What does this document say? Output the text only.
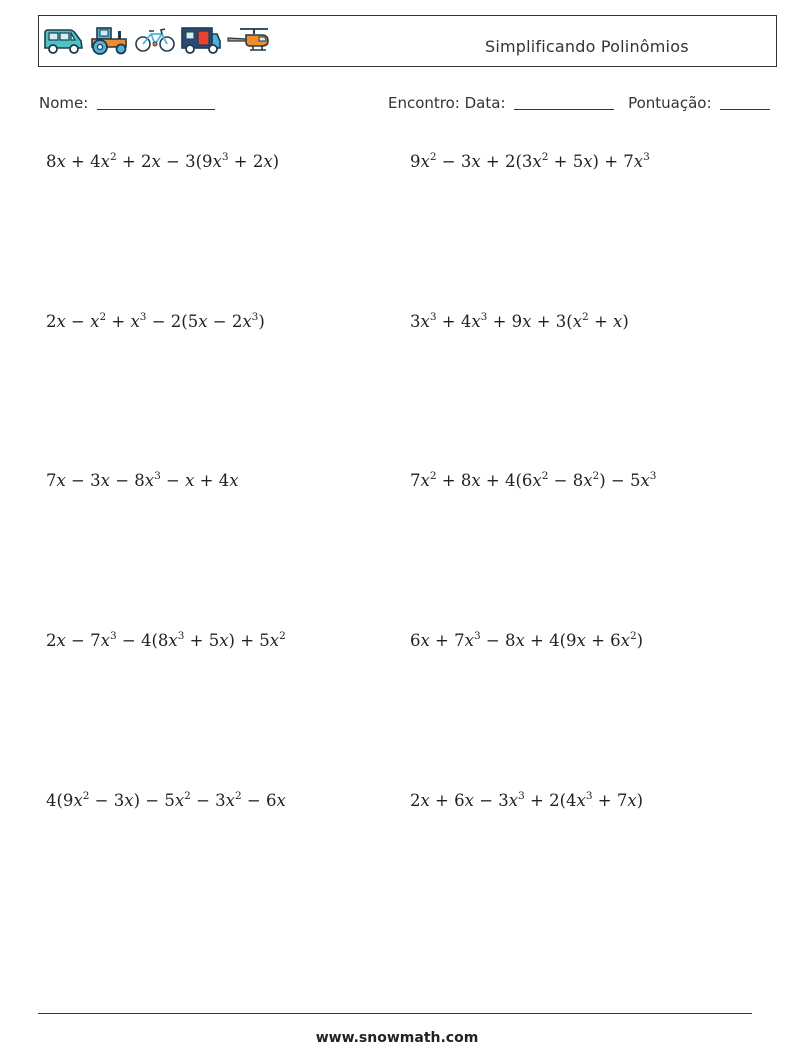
Simplificando Polinômios
Nome:	Encontro: Data:	Pontuação:
$8x + 4x^2 + 2x - 3(9x^3 + 2x)$	$9x^2 - 3x + 2(3x^2 + 5x) + 7x^3$
$2x - x^2 + x^3 - 2(5x - 2x^3)$	$3x^3 + 4x^3 + 9x + 3(x^2 + x)$
$7x - 3x - 8x^3 - x + 4x$	$7x^2 + 8x + 4(6x^2 - 8x^2) - 5x^3$
$2x - 7x^3 - 4(8x^3 + 5x) + 5x^2$	$6x + 7x^3 - 8x + 4(9x + 6x^2)$
$4(9x^2 - 3x) - 5x^2 - 3x^2 - 6x$	$2x + 6x - 3x^3 + 2(4x^3 + 7x)$
www.snowmath.com
